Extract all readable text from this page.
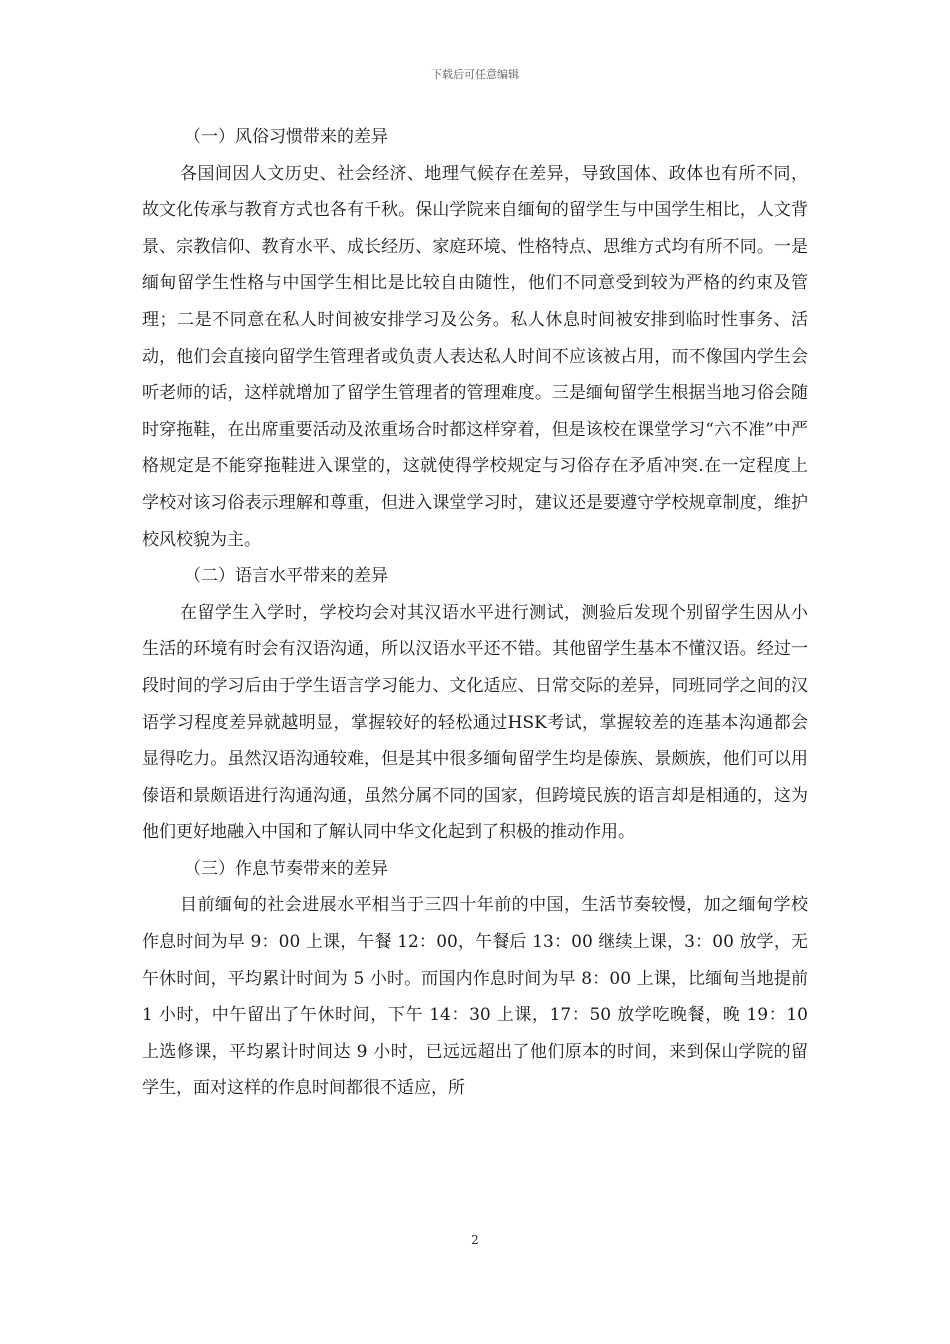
下载后可任意编辑

（一）风俗习惯带来的差异

各国间因人文历史、社会经济、地理气候存在差异，导致国体、政体也有所不同，故文化传承与教育方式也各有千秋。保山学院来自缅甸的留学生与中国学生相比，人文背景、宗教信仰、教育水平、成长经历、家庭环境、性格特点、思维方式均有所不同。一是缅甸留学生性格与中国学生相比是比较自由随性，他们不同意受到较为严格的约束及管理；二是不同意在私人时间被安排学习及公务。私人休息时间被安排到临时性事务、活动，他们会直接向留学生管理者或负责人表达私人时间不应该被占用，而不像国内学生会听老师的话，这样就增加了留学生管理者的管理难度。三是缅甸留学生根据当地习俗会随时穿拖鞋，在出席重要活动及浓重场合时都这样穿着，但是该校在课堂学习“六不准”中严格规定是不能穿拖鞋进入课堂的，这就使得学校规定与习俗存在矛盾冲突.在一定程度上学校对该习俗表示理解和尊重，但进入课堂学习时，建议还是要遵守学校规章制度，维护校风校貌为主。

（二）语言水平带来的差异

在留学生入学时，学校均会对其汉语水平进行测试，测验后发现个别留学生因从小生活的环境有时会有汉语沟通，所以汉语水平还不错。其他留学生基本不懂汉语。经过一段时间的学习后由于学生语言学习能力、文化适应、日常交际的差异，同班同学之间的汉语学习程度差异就越明显，掌握较好的轻松通过HSK考试，掌握较差的连基本沟通都会显得吃力。虽然汉语沟通较难，但是其中很多缅甸留学生均是傣族、景颇族，他们可以用傣语和景颇语进行沟通沟通，虽然分属不同的国家，但跨境民族的语言却是相通的，这为他们更好地融入中国和了解认同中华文化起到了积极的推动作用。

（三）作息节奏带来的差异

目前缅甸的社会进展水平相当于三四十年前的中国，生活节奏较慢，加之缅甸学校作息时间为早 9：00 上课，午餐 12：00，午餐后 13：00 继续上课，3：00 放学，无午休时间，平均累计时间为 5 小时。而国内作息时间为早 8：00 上课，比缅甸当地提前 1 小时，中午留出了午休时间，下午 14：30 上课，17：50 放学吃晚餐，晚 19：10 上选修课，平均累计时间达 9 小时，已远远超出了他们原本的时间，来到保山学院的留学生，面对这样的作息时间都很不适应，所

2
